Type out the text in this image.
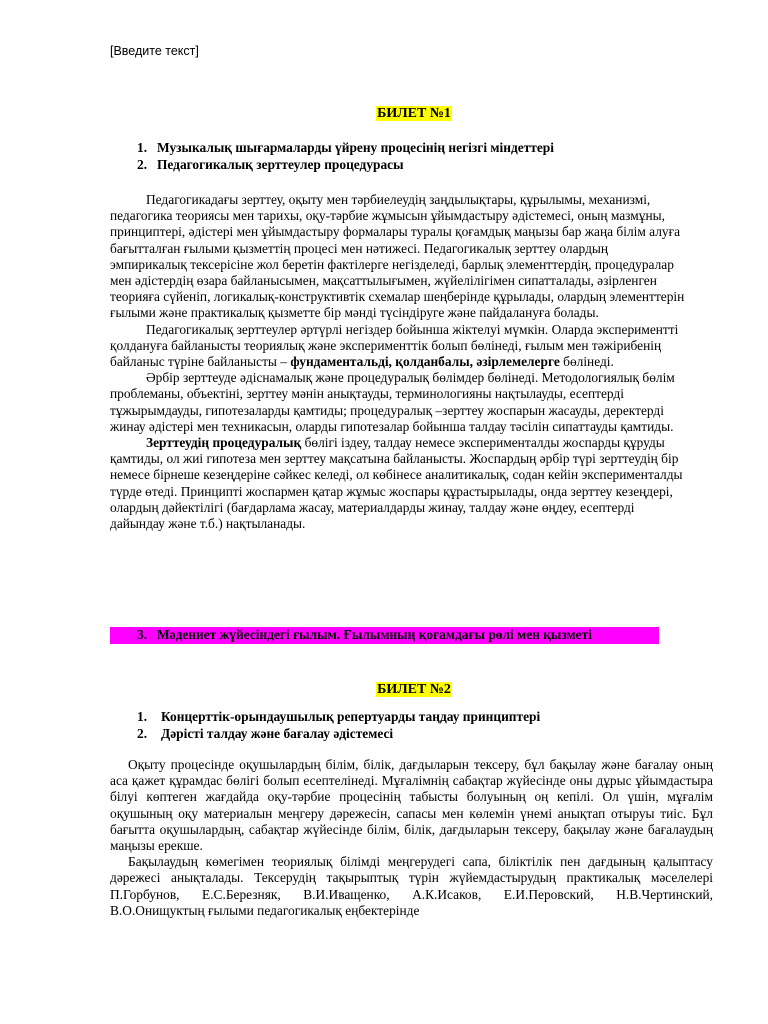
[Введите текст]
БИЛЕТ №1
1. Музыкалық шығармаларды үйрену процесінің негізгі міндеттері
2. Педагогикалық зерттеулер процедурасы

Педагогикадағы зерттеу, оқыту мен тәрбиелеудің заңдылықтары, құрылымы, механизмі, педагогика теориясы мен тарихы, оқу-тәрбие жұмысын ұйымдастыру әдістемесі, оның мазмұны, принциптері, әдістері мен ұйымдастыру формалары туралы қоғамдық маңызы бар жаңа білім алуға бағытталған ғылыми қызметтің процесі мен нәтижесі. Педагогикалық зерттеу олардың эмпирикалық тексерісіне жол беретін фактілерге негізделеді, барлық элементтердің, процедуралар мен әдістердің өзара байланысымен, мақсаттылығымен, жүйелілігімен сипатталады, әзірленген теорияға сүйеніп, логикалық-конструктивтік схемалар шеңберінде құрылады, олардың элементтерін ғылыми және практикалық қызметте бір мәнді түсіндіруге және пайдалануға болады.

Педагогикалық зерттеулер әртүрлі негіздер бойынша жіктелуі мүмкін. Оларда экспериментті қолдануға байланысты теориялық және эксперименттік болып бөлінеді, ғылым мен тәжірибенің байланыс түріне байланысты – фундаментальді, қолданбалы, әзірлемелерге бөлінеді.

Әрбір зерттеуде әдіснамалық және процедуралық бөлімдер бөлінеді. Методологиялық бөлім проблеманы, объектіні, зерттеу мәнін анықтауды, терминологияны нақтылауды, есептерді тұжырымдауды, гипотезаларды қамтиды; процедуралық –зерттеу жоспарын жасауды, деректерді жинау әдістері мен техникасын, оларды гипотезалар бойынша талдау тәсілін сипаттауды қамтиды.

Зерттеудің процедуралық бөлігі іздеу, талдау немесе эксперименталды жоспарды құруды қамтиды, ол жиі гипотеза мен зерттеу мақсатына байланысты. Жоспардың әрбір түрі зерттеудің бір немесе бірнеше кезеңдеріне сәйкес келеді, ол көбінесе аналитикалық, содан кейін эксперименталды түрде өтеді. Принципті жоспармен қатар жұмыс жоспары құрастырылады, онда зерттеу кезеңдері, олардың дәйектілігі (бағдарлама жасау, материалдарды жинау, талдау және өңдеу, есептерді дайындау және т.б.) нақтыланады.

3. Мәдениет жүйесіндегі ғылым. Ғылымның қоғамдағы рөлі мен қызметі
БИЛЕТ №2
1. Концерттік-орындаушылық репертуарды таңдау принциптері
2. Дәрісті талдау және бағалау әдістемесі

Оқыту процесінде оқушылардың білім, білік, дағдыларын тексеру, бұл бақылау және бағалау оның аса қажет құрамдас бөлігі болып есептелінеді. Мұғалімнің сабақтар жүйесінде оны дұрыс ұйымдастыра білуі көптеген жағдайда оқу-тәрбие процесінің табысты болуының оң кепілі. Ол үшін, мұғалім оқушының оқу материалын меңгеру дәрежесін, сапасы мен көлемін үнемі анықтап отыруы тиіс. Бұл бағытта оқушылардың, сабақтар жүйесінде білім, білік, дағдыларын тексеру, бақылау және бағалаудың маңызы ерекше.

Бақылаудың көмегімен теориялық білімді меңгерудегі сапа, біліктілік пен дағдының қалыптасу дәрежесі анықталады. Тексерудің тақырыптық түрін жүйемдастырудың практикалық мәселелері П.Горбунов, Е.С.Березняк, В.И.Иващенко, А.К.Исаков, Е.И.Перовский, Н.В.Чертинский, В.О.Онищуктың ғылыми педагогикалық еңбектерінде
